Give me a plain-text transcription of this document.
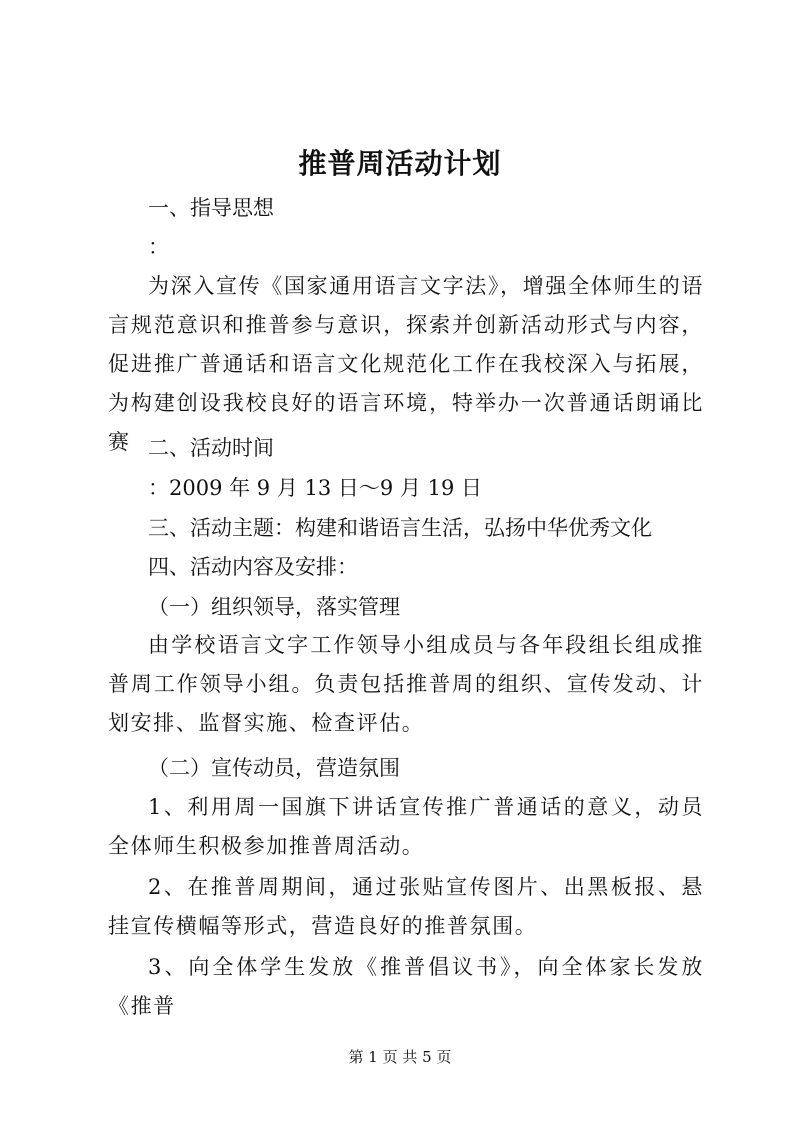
推普周活动计划
一、指导思想
：
为深入宣传《国家通用语言文字法》，增强全体师生的语言规范意识和推普参与意识，探索并创新活动形式与内容，促进推广普通话和语言文化规范化工作在我校深入与拓展，为构建创设我校良好的语言环境，特举办一次普通话朗诵比赛 二、活动时间
：2009 年 9 月 13 日～9 月 19 日
三、活动主题：构建和谐语言生活，弘扬中华优秀文化
四、活动内容及安排：
（一）组织领导，落实管理
由学校语言文字工作领导小组成员与各年段组长组成推普周工作领导小组。负责包括推普周的组织、宣传发动、计划安排、监督实施、检查评估。
（二）宣传动员，营造氛围
1、利用周一国旗下讲话宣传推广普通话的意义，动员全体师生积极参加推普周活动。
2、在推普周期间，通过张贴宣传图片、出黑板报、悬挂宣传横幅等形式，营造良好的推普氛围。
3、向全体学生发放《推普倡议书》，向全体家长发放《推普
第 1 页 共 5 页
